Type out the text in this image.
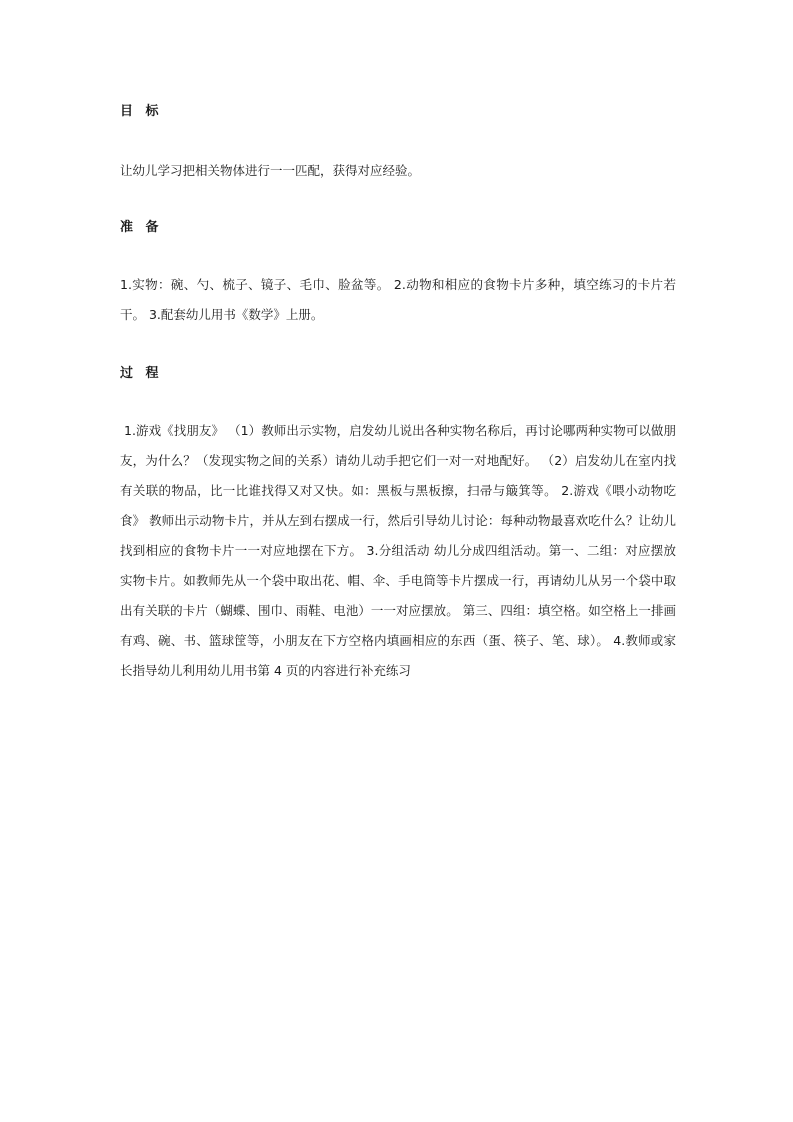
目 标
让幼儿学习把相关物体进行一一匹配，获得对应经验。
准 备
1.实物：碗、勺、梳子、镜子、毛巾、脸盆等。 2.动物和相应的食物卡片多种，填空练习的卡片若干。 3.配套幼儿用书《数学》上册。
过 程
1.游戏《找朋友》 （1）教师出示实物，启发幼儿说出各种实物名称后，再讨论哪两种实物可以做朋友，为什么？（发现实物之间的关系）请幼儿动手把它们一对一对地配好。 （2）启发幼儿在室内找有关联的物品，比一比谁找得又对又快。如：黑板与黑板擦，扫帚与簸箕等。 2.游戏《喂小动物吃食》 教师出示动物卡片，并从左到右摆成一行，然后引导幼儿讨论：每种动物最喜欢吃什么？让幼儿找到相应的食物卡片一一对应地摆在下方。 3.分组活动 幼儿分成四组活动。第一、二组：对应摆放实物卡片。如教师先从一个袋中取出花、帽、伞、手电筒等卡片摆成一行，再请幼儿从另一个袋中取出有关联的卡片（蝴蝶、围巾、雨鞋、电池）一一对应摆放。 第三、四组：填空格。如空格上一排画有鸡、碗、书、篮球筐等，小朋友在下方空格内填画相应的东西（蛋、筷子、笔、球）。 4.教师或家长指导幼儿利用幼儿用书第 4 页的内容进行补充练习
